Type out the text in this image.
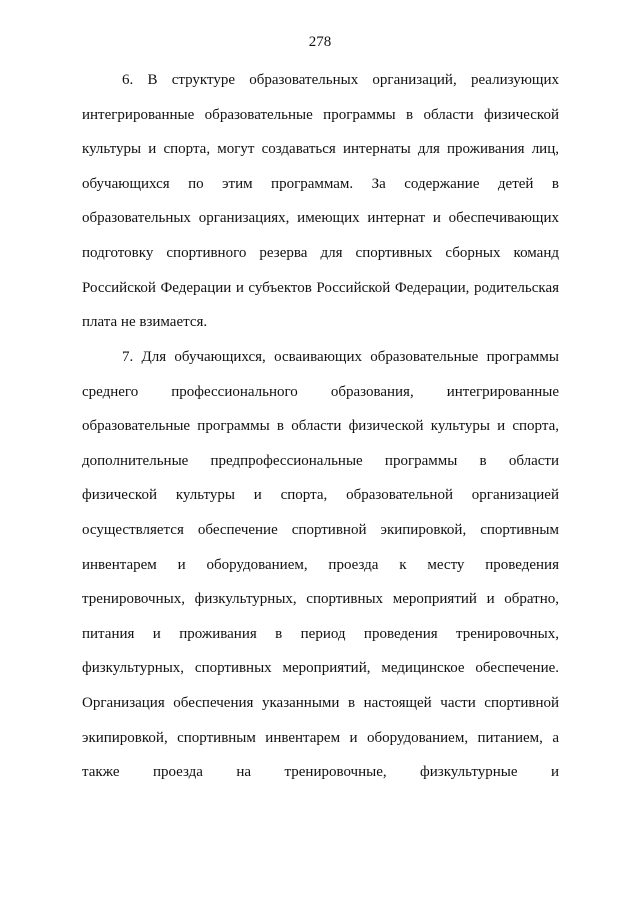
278
6. В структуре образовательных организаций, реализующих
интегрированные образовательные программы в области физической
культуры и спорта, могут создаваться интернаты для проживания лиц,
обучающихся по этим программам. За содержание детей в
образовательных организациях, имеющих интернат и обеспечивающих
подготовку спортивного резерва для спортивных сборных команд
Российской Федерации и субъектов Российской Федерации, родительская
плата не взимается.
7. Для обучающихся, осваивающих образовательные программы
среднего профессионального образования, интегрированные
образовательные программы в области физической культуры и спорта,
дополнительные предпрофессиональные программы в области
физической культуры и спорта, образовательной организацией
осуществляется обеспечение спортивной экипировкой, спортивным
инвентарем и оборудованием, проезда к месту проведения
тренировочных, физкультурных, спортивных мероприятий и обратно,
питания и проживания в период проведения тренировочных,
физкультурных, спортивных мероприятий, медицинское обеспечение.
Организация обеспечения указанными в настоящей части спортивной
экипировкой, спортивным инвентарем и оборудованием, питанием, а
также проезда на тренировочные, физкультурные и
